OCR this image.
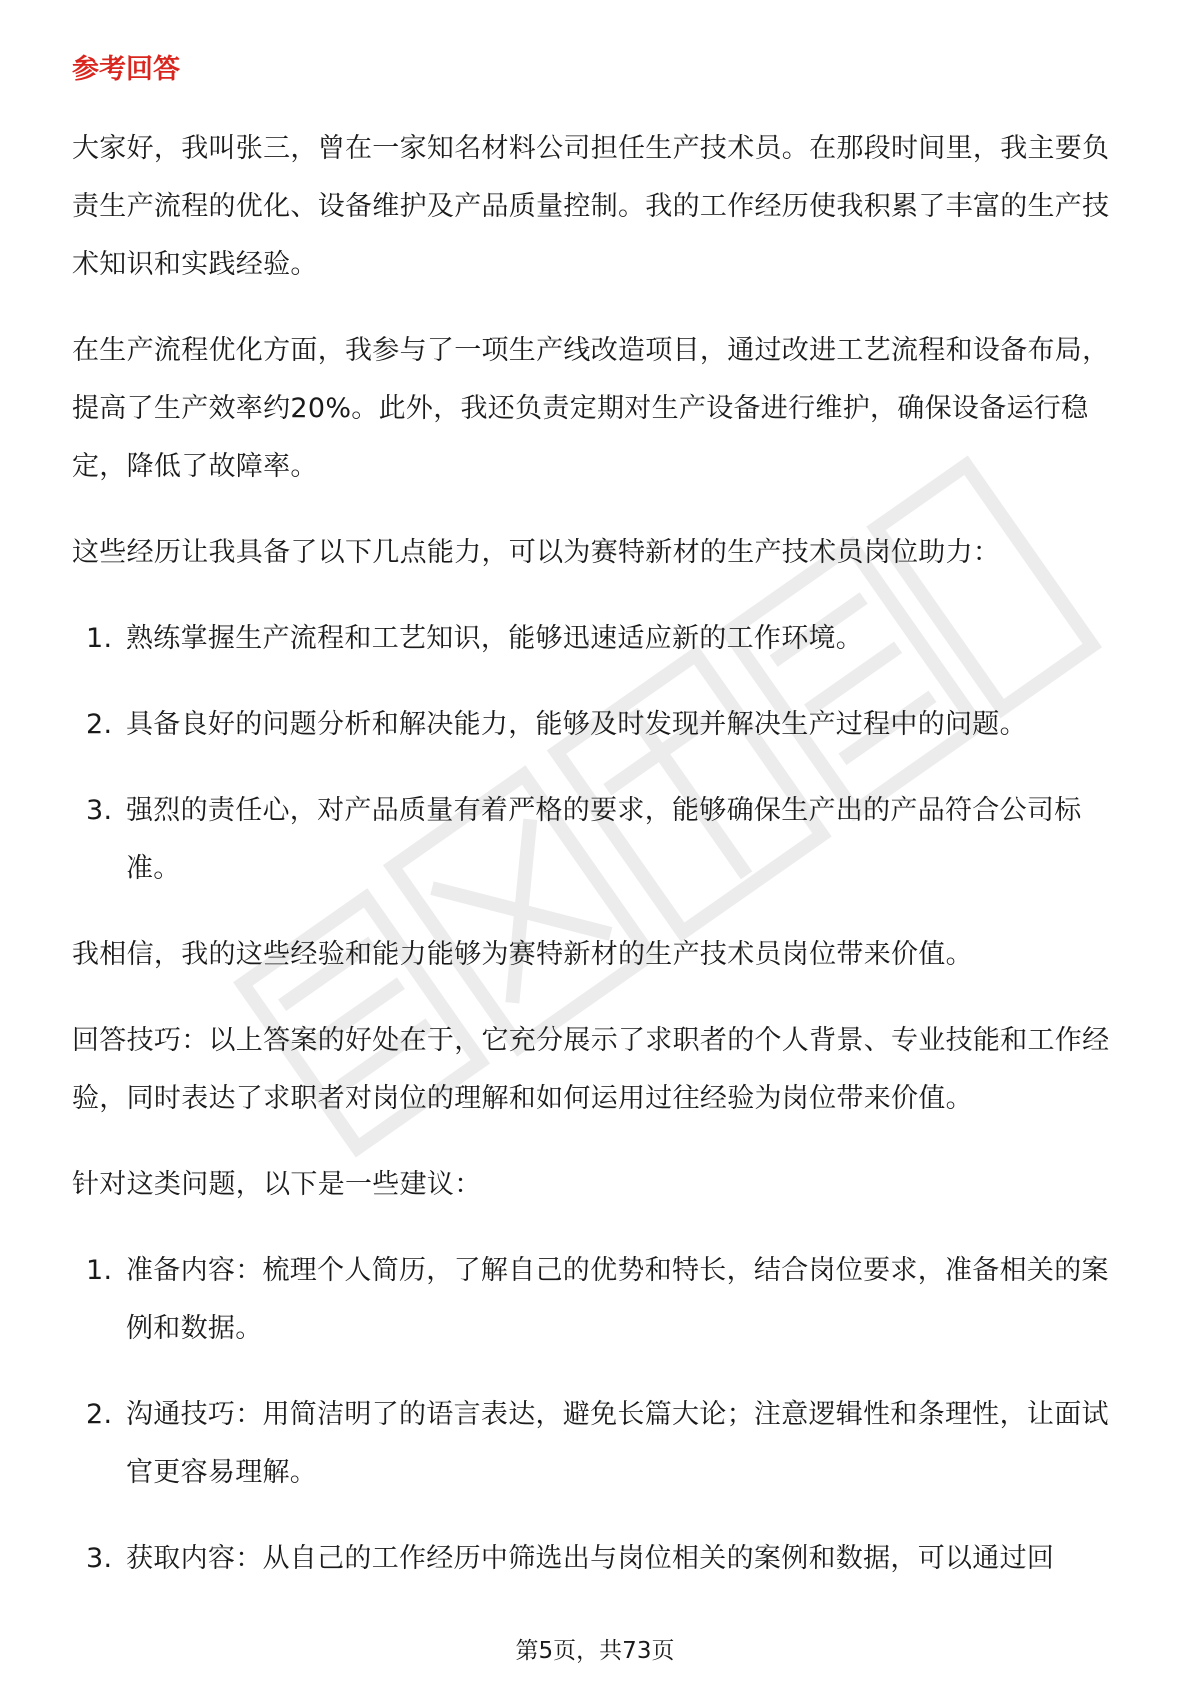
参考回答

大家好，我叫张三，曾在一家知名材料公司担任生产技术员。在那段时间里，我主要负责生产流程的优化、设备维护及产品质量控制。我的工作经历使我积累了丰富的生产技术知识和实践经验。

在生产流程优化方面，我参与了一项生产线改造项目，通过改进工艺流程和设备布局，提高了生产效率约20%。此外，我还负责定期对生产设备进行维护，确保设备运行稳定，降低了故障率。

这些经历让我具备了以下几点能力，可以为赛特新材的生产技术员岗位助力：

1. 熟练掌握生产流程和工艺知识，能够迅速适应新的工作环境。
2. 具备良好的问题分析和解决能力，能够及时发现并解决生产过程中的问题。
3. 强烈的责任心，对产品质量有着严格的要求，能够确保生产出的产品符合公司标准。

我相信，我的这些经验和能力能够为赛特新材的生产技术员岗位带来价值。

回答技巧：以上答案的好处在于，它充分展示了求职者的个人背景、专业技能和工作经验，同时表达了求职者对岗位的理解和如何运用过往经验为岗位带来价值。

针对这类问题，以下是一些建议：

1. 准备内容：梳理个人简历，了解自己的优势和特长，结合岗位要求，准备相关的案例和数据。
2. 沟通技巧：用简洁明了的语言表达，避免长篇大论；注意逻辑性和条理性，让面试官更容易理解。
3. 获取内容：从自己的工作经历中筛选出与岗位相关的案例和数据，可以通过回
第5页，共73页
